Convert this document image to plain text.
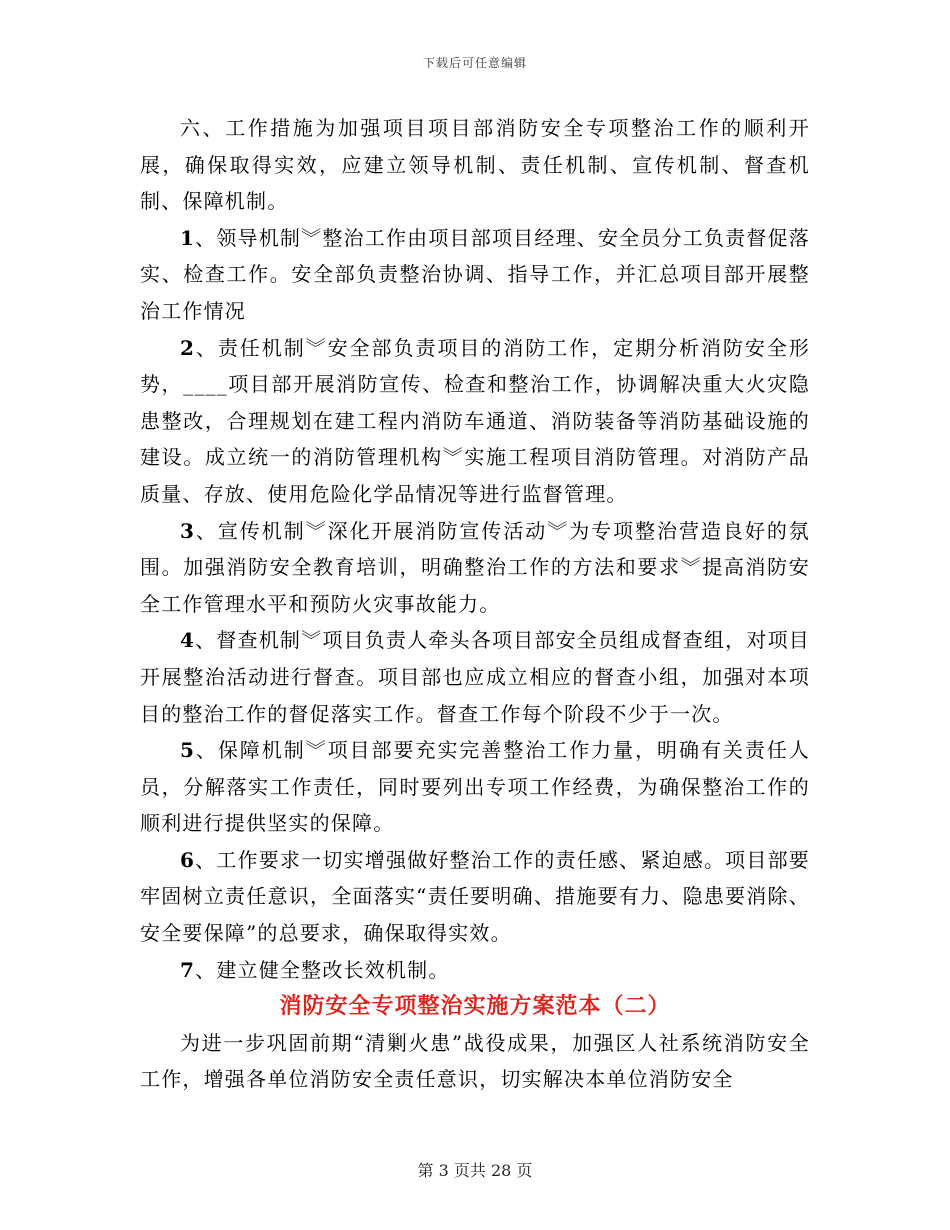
下载后可任意编辑

六、工作措施为加强项目项目部消防安全专项整治工作的顺利开展，确保取得实效，应建立领导机制、责任机制、宣传机制、督查机制、保障机制。

1、领导机制︾整治工作由项目部项目经理、安全员分工负责督促落实、检查工作。安全部负责整治协调、指导工作，并汇总项目部开展整治工作情况

2、责任机制︾安全部负责项目的消防工作，定期分析消防安全形势，____项目部开展消防宣传、检查和整治工作，协调解决重大火灾隐患整改，合理规划在建工程内消防车通道、消防装备等消防基础设施的建设。成立统一的消防管理机构︾实施工程项目消防管理。对消防产品质量、存放、使用危险化学品情况等进行监督管理。

3、宣传机制︾深化开展消防宣传活动︾为专项整治营造良好的氛围。加强消防安全教育培训，明确整治工作的方法和要求︾提高消防安全工作管理水平和预防火灾事故能力。

4、督查机制︾项目负责人牵头各项目部安全员组成督查组，对项目开展整治活动进行督查。项目部也应成立相应的督查小组，加强对本项目的整治工作的督促落实工作。督查工作每个阶段不少于一次。

5、保障机制︾项目部要充实完善整治工作力量，明确有关责任人员，分解落实工作责任，同时要列出专项工作经费，为确保整治工作的顺利进行提供坚实的保障。

6、工作要求一切实增强做好整治工作的责任感、紧迫感。项目部要牢固树立责任意识，全面落实“责任要明确、措施要有力、隐患要消除、安全要保障”的总要求，确保取得实效。

7、建立健全整改长效机制。

消防安全专项整治实施方案范本（二）

为进一步巩固前期“清剿火患”战役成果，加强区人社系统消防安全工作，增强各单位消防安全责任意识，切实解决本单位消防安全

第 3 页共 28 页
